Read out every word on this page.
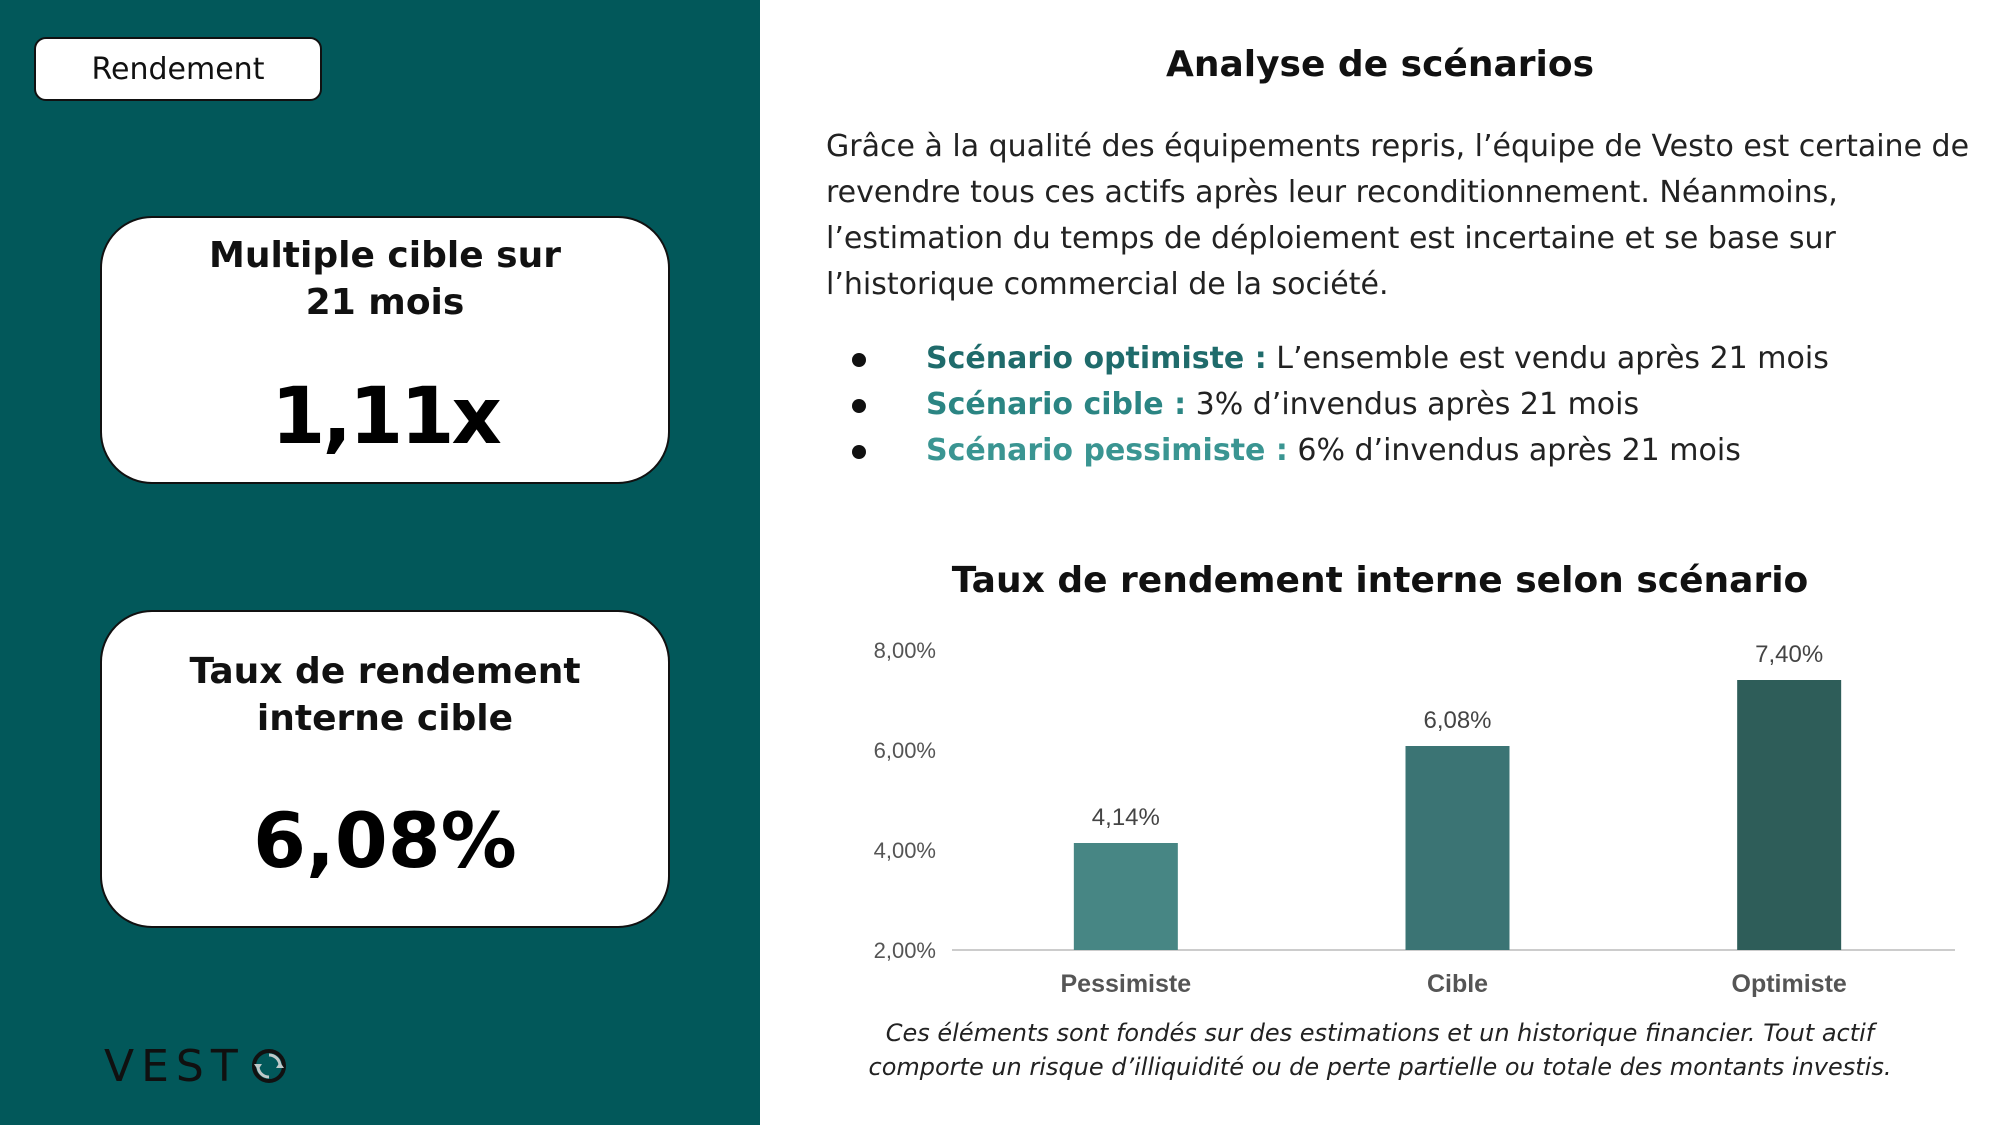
Rendement
Multiple cible sur
21 mois
1,11x
Taux de rendement
interne cible
6,08%
VEST
Analyse de scénarios

Grâce à la qualité des équipements repris, l’équipe de Vesto est certaine de revendre tous ces actifs après leur reconditionnement. Néanmoins, l’estimation du temps de déploiement est incertaine et se base sur l’historique commercial de la société.

Scénario optimiste : L’ensemble est vendu après 21 mois
Scénario cible : 3% d’invendus après 21 mois
Scénario pessimiste : 6% d’invendus après 21 mois
Taux de rendement interne selon scénario
2,00%
4,00%
6,00%
8,00%
4,14%
Pessimiste
6,08%
Cible
7,40%
Optimiste
Ces éléments sont fondés sur des estimations et un historique financier. Tout actif
comporte un risque d’illiquidité ou de perte partielle ou totale des montants investis.
